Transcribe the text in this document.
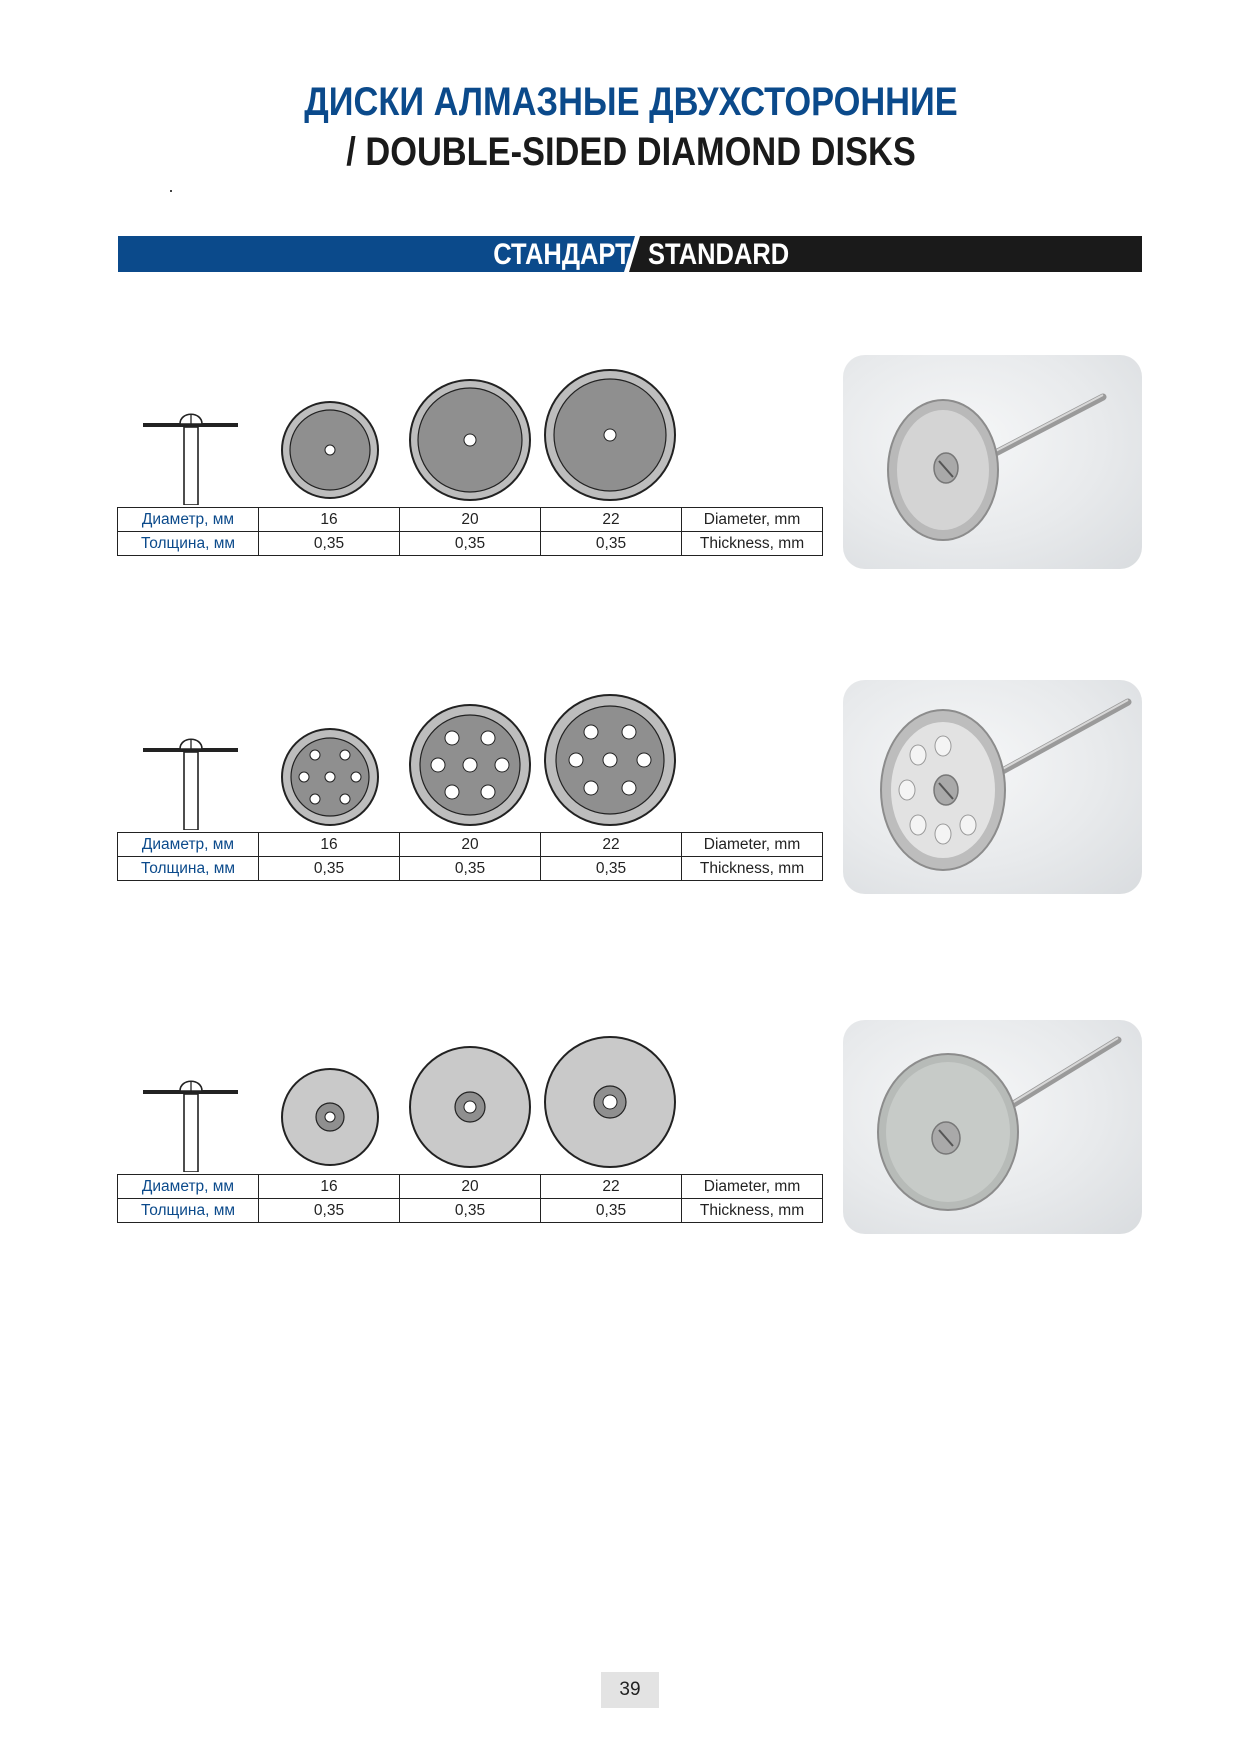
ДИСКИ АЛМАЗНЫЕ ДВУХСТОРОННИЕ
/ DOUBLE-SIDED DIAMOND DISKS
СТАНДАРТ STANDARD
Диаметр, мм	16	20	22	Diameter, mm
Толщина, мм	0,35	0,35	0,35	Thickness, mm
Диаметр, мм	16	20	22	Diameter, mm
Толщина, мм	0,35	0,35	0,35	Thickness, mm
Диаметр, мм	16	20	22	Diameter, mm
Толщина, мм	0,35	0,35	0,35	Thickness, mm
39
